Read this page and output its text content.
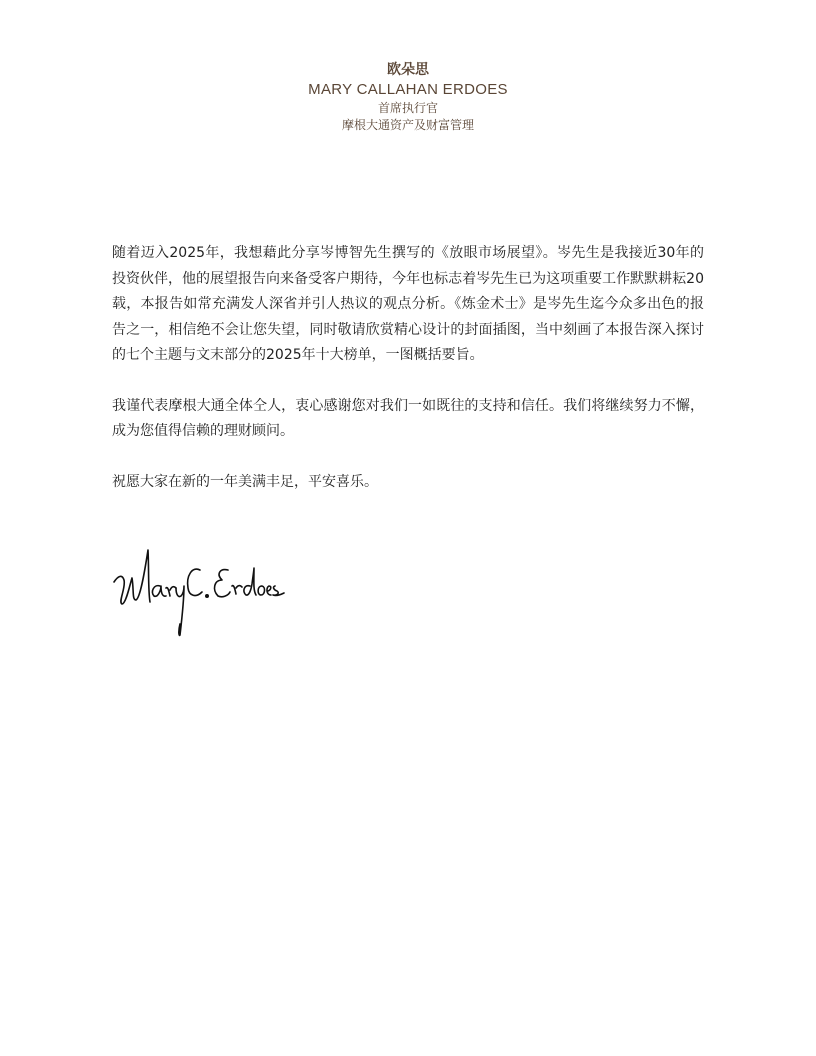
欧朵思
MARY CALLAHAN ERDOES
首席执行官
摩根大通资产及财富管理

随着迈入2025年，我想藉此分享岑博智先生撰写的《放眼市场展望》。岑先生是我接近30年的投资伙伴，他的展望报告向来备受客户期待，今年也标志着岑先生已为这项重要工作默默耕耘20载，本报告如常充满发人深省并引人热议的观点分析。《炼金术士》是岑先生迄今众多出色的报告之一，相信绝不会让您失望，同时敬请欣赏精心设计的封面插图，当中刻画了本报告深入探讨的七个主题与文末部分的2025年十大榜单，一图概括要旨。

我谨代表摩根大通全体仝人，衷心感谢您对我们一如既往的支持和信任。我们将继续努力不懈，成为您值得信赖的理财顾问。

祝愿大家在新的一年美满丰足，平安喜乐。
